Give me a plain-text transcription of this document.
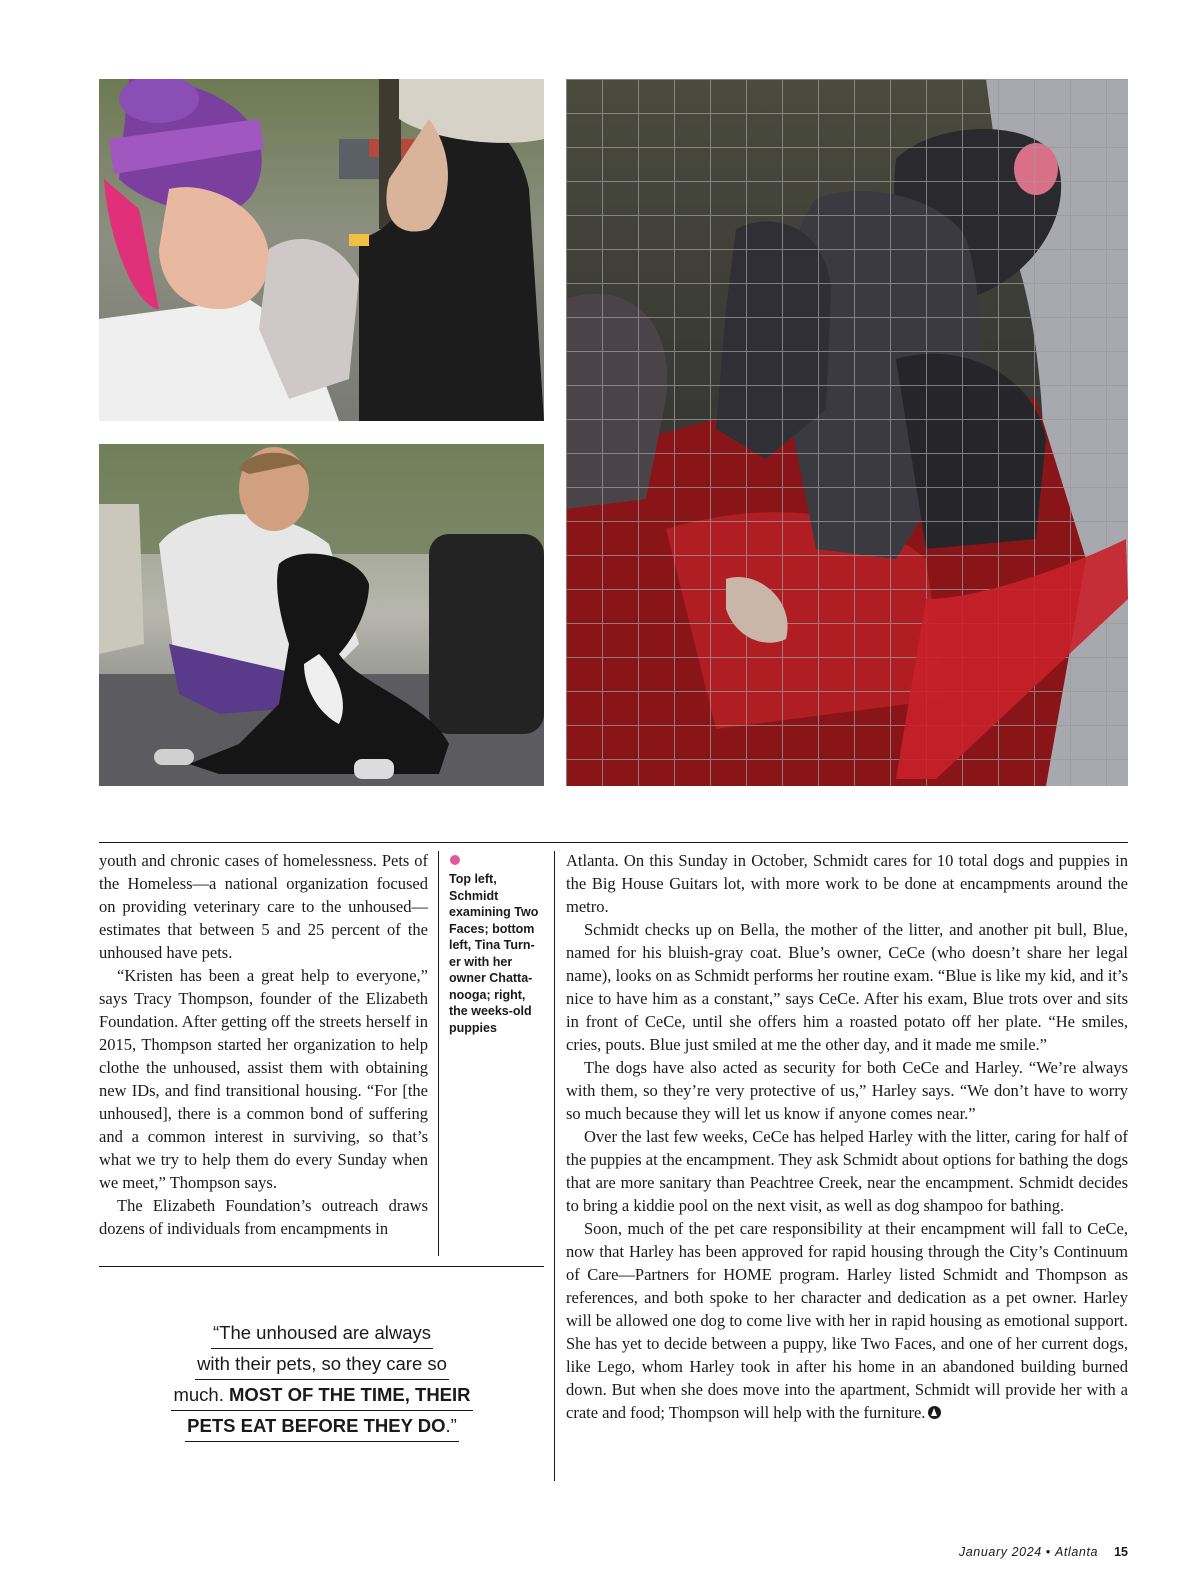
youth and chronic cases of homelessness. Pets of the Homeless—a national organization focused on providing veterinary care to the unhoused—estimates that between 5 and 25 percent of the unhoused have pets.

“Kristen has been a great help to everyone,” says Tracy Thompson, founder of the Elizabeth Foundation. After getting off the streets herself in 2015, Thompson started her organization to help clothe the unhoused, assist them with obtaining new IDs, and find transitional housing. “For [the unhoused], there is a common bond of suffering and a common interest in surviving, so that’s what we try to help them do every Sunday when we meet,” Thompson says.

The Elizabeth Foundation’s outreach draws dozens of individuals from encampments in

Top left,
Schmidt
examining Two
Faces; bottom
left, Tina Turn-
er with her
owner Chatta-
nooga; right,
the weeks-old
puppies
“The unhoused are always
with their pets, so they care so
much. MOST OF THE TIME, THEIR
PETS EAT BEFORE THEY DO.”

Atlanta. On this Sunday in October, Schmidt cares for 10 total dogs and puppies in the Big House Guitars lot, with more work to be done at encampments around the metro.

Schmidt checks up on Bella, the mother of the litter, and another pit bull, Blue, named for his bluish-gray coat. Blue’s owner, CeCe (who doesn’t share her legal name), looks on as Schmidt performs her routine exam. “Blue is like my kid, and it’s nice to have him as a constant,” says CeCe. After his exam, Blue trots over and sits in front of CeCe, until she offers him a roasted potato off her plate. “He smiles, cries, pouts. Blue just smiled at me the other day, and it made me smile.”

The dogs have also acted as security for both CeCe and Harley. “We’re always with them, so they’re very protective of us,” Harley says. “We don’t have to worry so much because they will let us know if anyone comes near.”

Over the last few weeks, CeCe has helped Harley with the litter, caring for half of the puppies at the encampment. They ask Schmidt about options for bathing the dogs that are more sanitary than Peachtree Creek, near the encampment. Schmidt decides to bring a kiddie pool on the next visit, as well as dog shampoo for bathing.

Soon, much of the pet care responsibility at their encampment will fall to CeCe, now that Harley has been approved for rapid housing through the City’s Continuum of Care—Partners for HOME program. Harley listed Schmidt and Thompson as references, and both spoke to her character and dedication as a pet owner. Harley will be allowed one dog to come live with her in rapid housing as emotional support. She has yet to decide between a puppy, like Two Faces, and one of her current dogs, like Lego, whom Harley took in after his home in an abandoned building burned down. But when she does move into the apartment, Schmidt will provide her with a crate and food; Thompson will help with the furniture.

January 2024 • Atlanta 15
